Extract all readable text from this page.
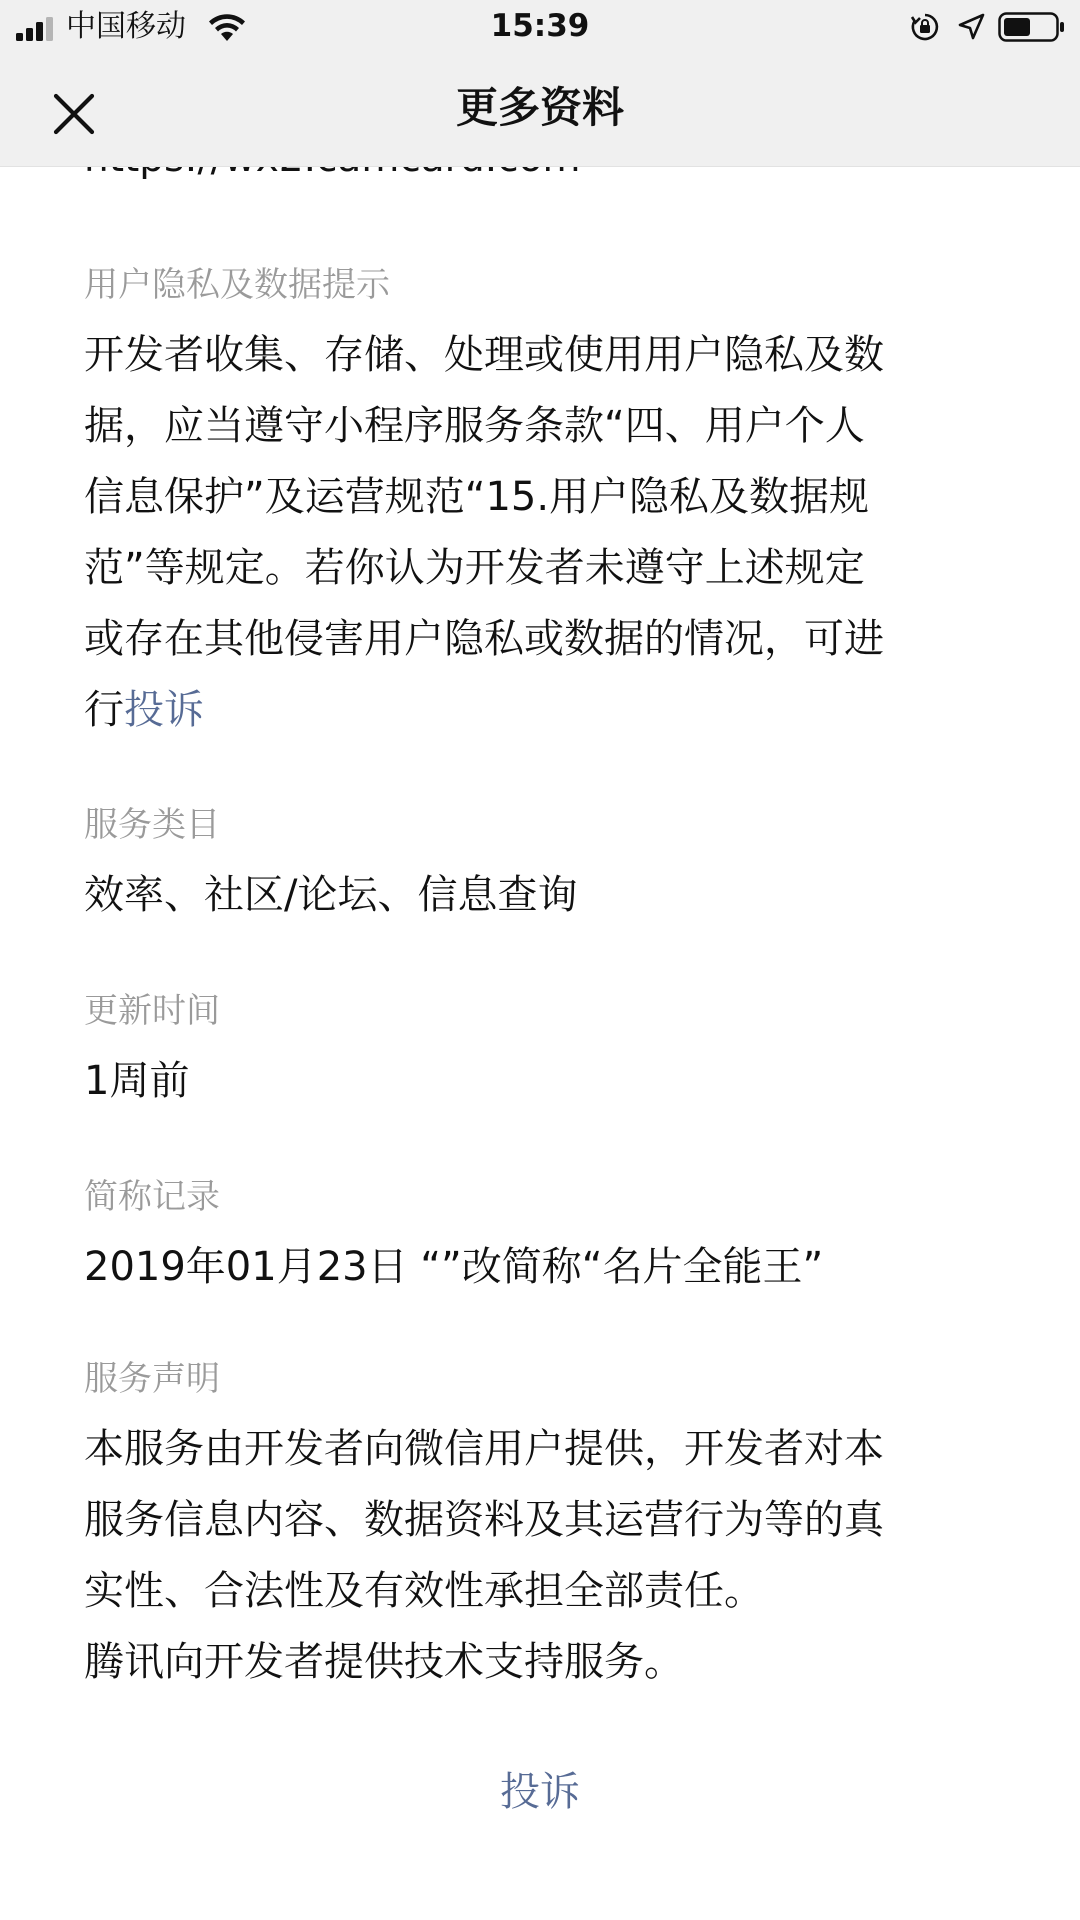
用户隐私及数据提示
开发者收集、存储、处理或使用用户隐私及数
据，应当遵守小程序服务条款“四、用户个人
信息保护”及运营规范“15.用户隐私及数据规
范”等规定。若你认为开发者未遵守上述规定
或存在其他侵害用户隐私或数据的情况，可进
行投诉
服务类目
效率、社区/论坛、信息查询
更新时间
1周前
简称记录
2019年01月23日 “”改简称“名片全能王”
服务声明
本服务由开发者向微信用户提供，开发者对本
服务信息内容、数据资料及其运营行为等的真
实性、合法性及有效性承担全部责任。
腾讯向开发者提供技术支持服务。
投诉
中国移动	15:39
更多资料
